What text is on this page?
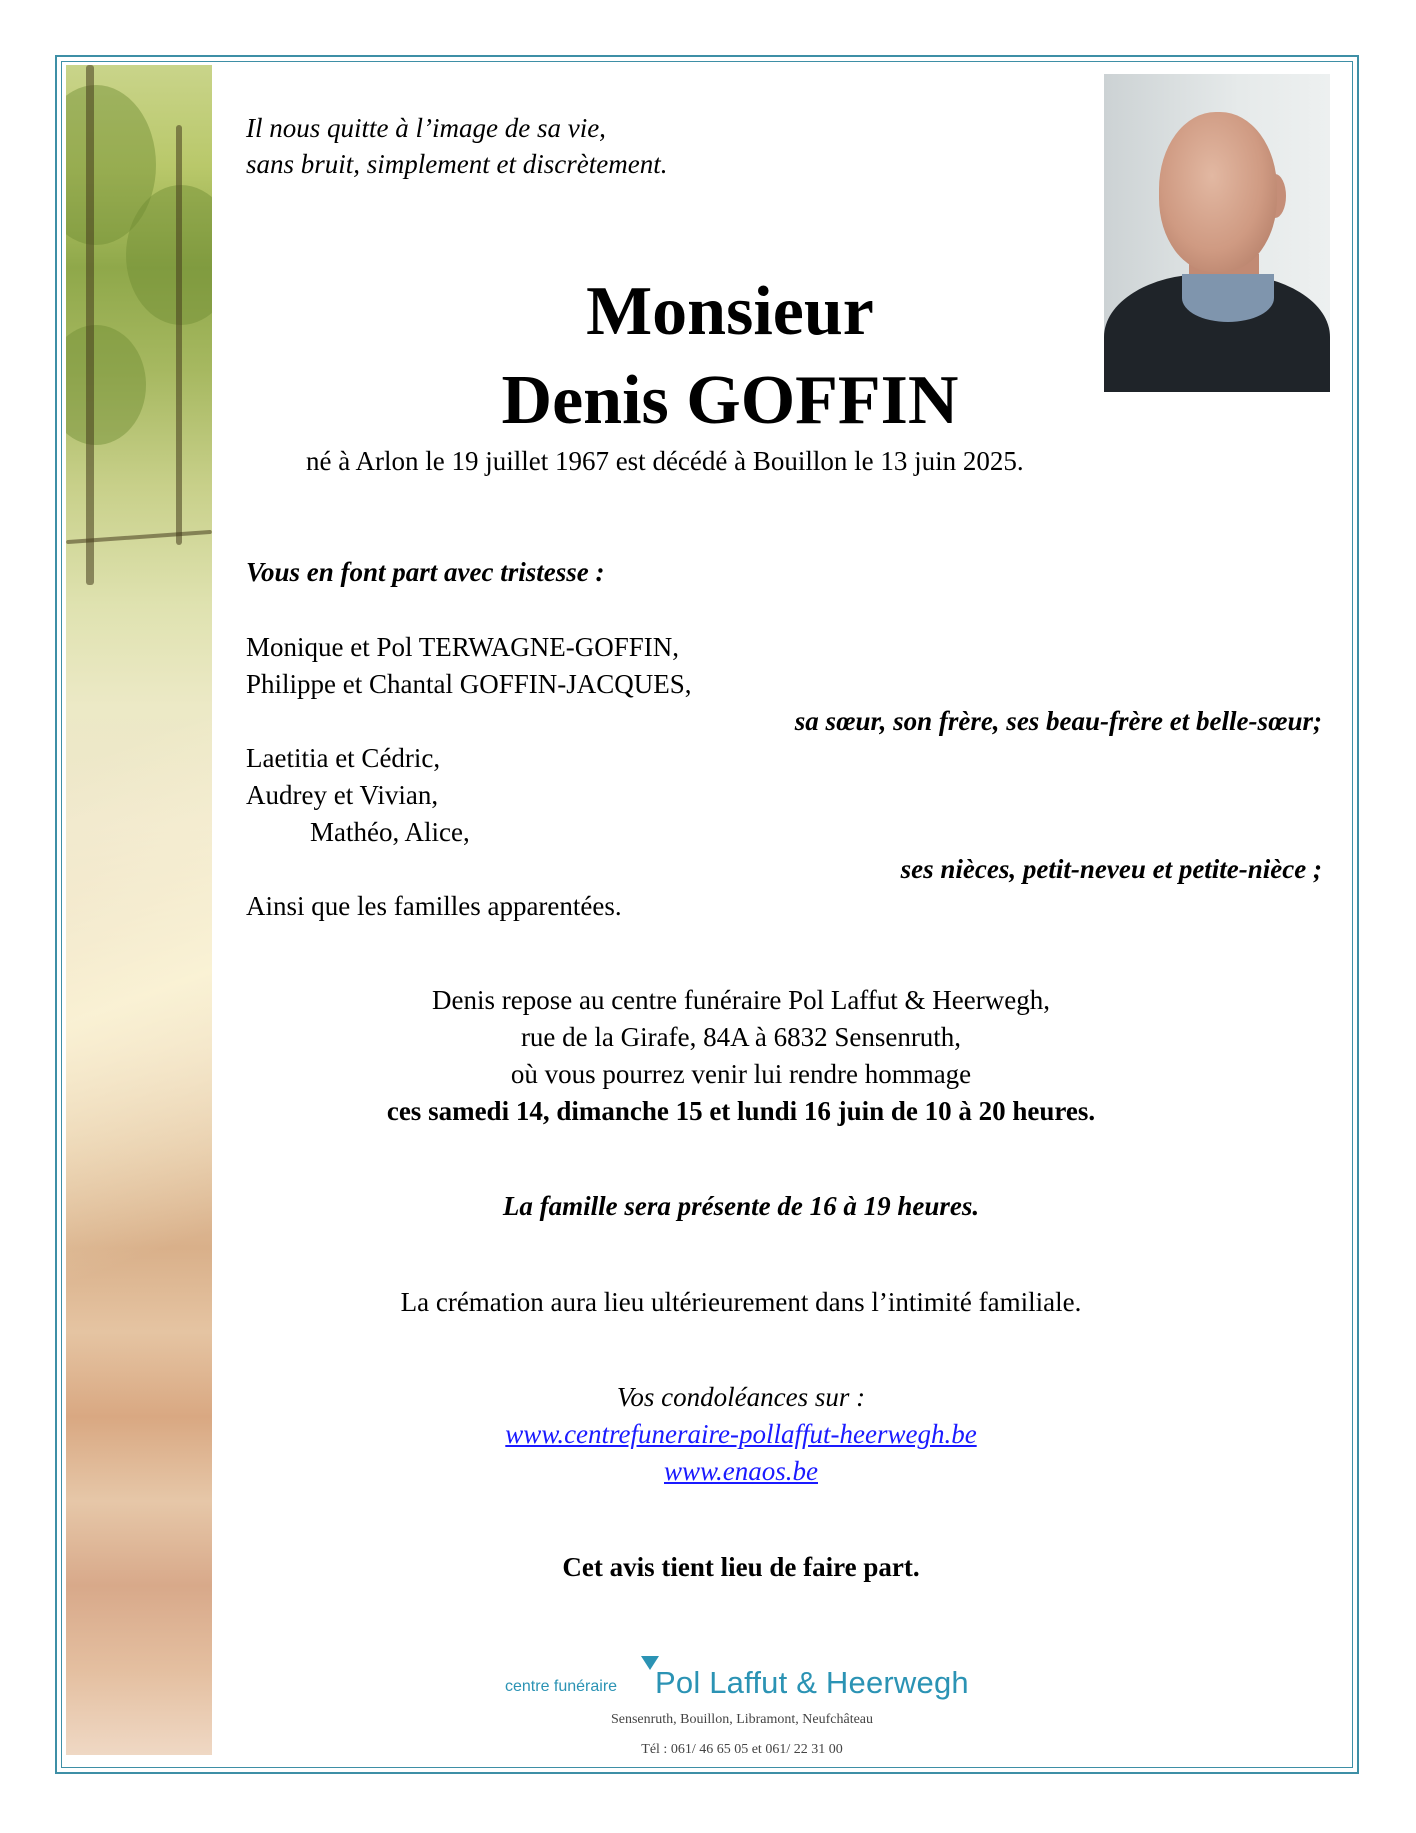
Il nous quitte à l’image de sa vie,
sans bruit, simplement et discrètement.
Monsieur
Denis GOFFIN
né à Arlon le 19 juillet 1967 est décédé à Bouillon le 13 juin 2025.
Vous en font part avec tristesse :
Monique et Pol TERWAGNE-GOFFIN,
Philippe et Chantal GOFFIN-JACQUES,
sa sœur, son frère, ses beau-frère et belle-sœur;
Laetitia et Cédric,
Audrey et Vivian,
Mathéo, Alice,
ses nièces, petit-neveu et petite-nièce ;
Ainsi que les familles apparentées.
Denis repose au centre funéraire Pol Laffut & Heerwegh,
rue de la Girafe, 84A à 6832 Sensenruth,
où vous pourrez venir lui rendre hommage
ces samedi 14, dimanche 15 et lundi 16 juin de 10 à 20 heures.
La famille sera présente de 16 à 19 heures.
La crémation aura lieu ultérieurement dans l’intimité familiale.
Vos condoléances sur :
www.centrefuneraire-pollaffut-heerwegh.be
www.enaos.be
Cet avis tient lieu de faire part.
centre funéraire Pol Laffut & Heerwegh
Sensenruth, Bouillon, Libramont, Neufchâteau
Tél : 061/ 46 65 05 et 061/ 22 31 00
